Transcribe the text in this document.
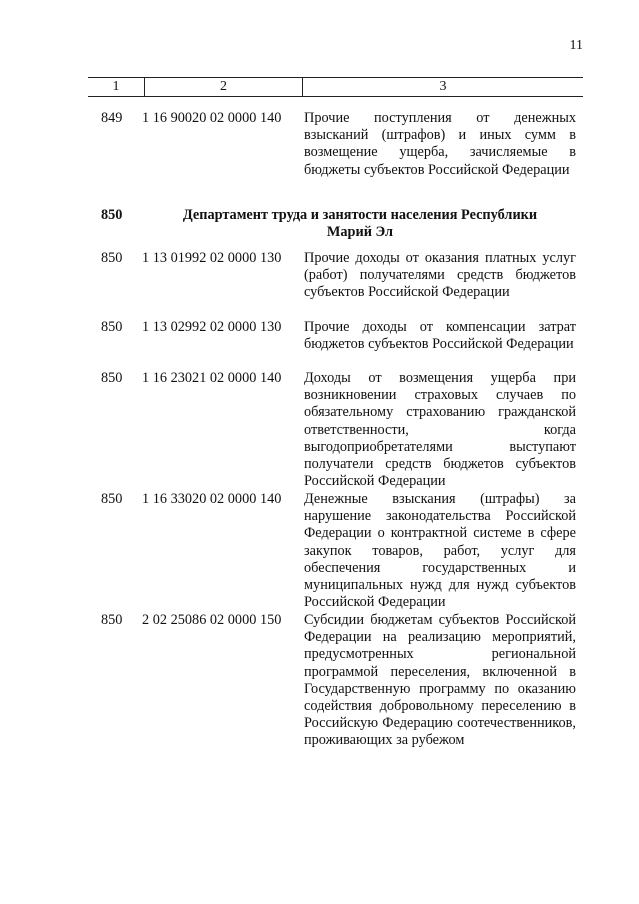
11
1	2	3
849	1 16 90020 02 0000 140	Прочие поступления от денежных взысканий (штрафов) и иных сумм в возмещение ущерба, зачисляемые в бюджеты субъектов Российской Федерации
850	Департамент труда и занятости населения Республики Марий Эл
850	1 13 01992 02 0000 130	Прочие доходы от оказания платных услуг (работ) получателями средств бюджетов субъектов Российской Федерации
850	1 13 02992 02 0000 130	Прочие доходы от компенсации затрат бюджетов субъектов Российской Федерации
850	1 16 23021 02 0000 140	Доходы от возмещения ущерба при возникновении страховых случаев по обязательному страхованию гражданской ответственности, когда выгодоприобретателями выступают получатели средств бюджетов субъектов Российской Федерации
850	1 16 33020 02 0000 140	Денежные взыскания (штрафы) за нарушение законодательства Российской Федерации о контрактной системе в сфере закупок товаров, работ, услуг для обеспечения государственных и муниципальных нужд для нужд субъектов Российской Федерации
850	2 02 25086 02 0000 150	Субсидии бюджетам субъектов Российской Федерации на реализацию мероприятий, предусмотренных региональной программой переселения, включенной в Государственную программу по оказанию содействия добровольному переселению в Российскую Федерацию соотечественников, проживающих за рубежом
